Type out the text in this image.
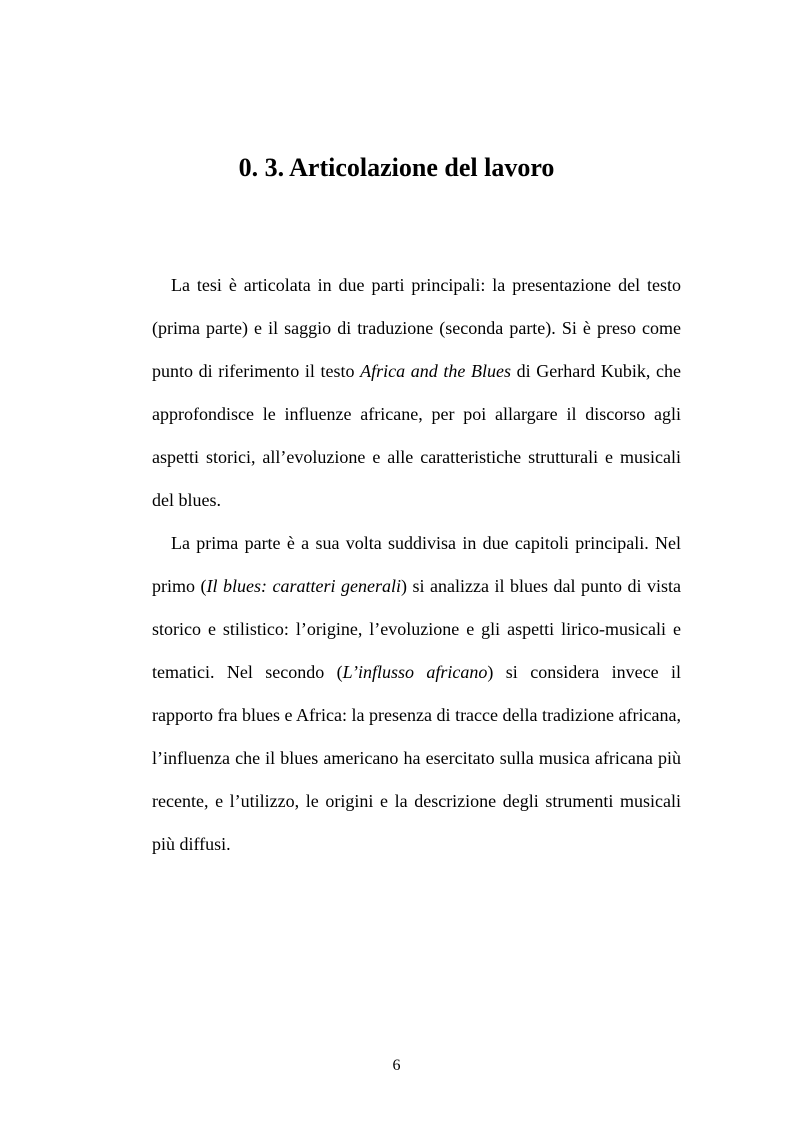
0. 3. Articolazione del lavoro

La tesi è articolata in due parti principali: la presentazione del testo (prima parte) e il saggio di traduzione (seconda parte). Si è preso come punto di riferimento il testo Africa and the Blues di Gerhard Kubik, che approfondisce le influenze africane, per poi allargare il discorso agli aspetti storici, all’evoluzione e alle caratteristiche strutturali e musicali del blues.

La prima parte è a sua volta suddivisa in due capitoli principali. Nel primo (Il blues: caratteri generali) si analizza il blues dal punto di vista storico e stilistico: l’origine, l’evoluzione e gli aspetti lirico-musicali e tematici. Nel secondo (L’influsso africano) si considera invece il rapporto fra blues e Africa: la presenza di tracce della tradizione africana, l’influenza che il blues americano ha esercitato sulla musica africana più recente, e l’utilizzo, le origini e la descrizione degli strumenti musicali più diffusi.

6
